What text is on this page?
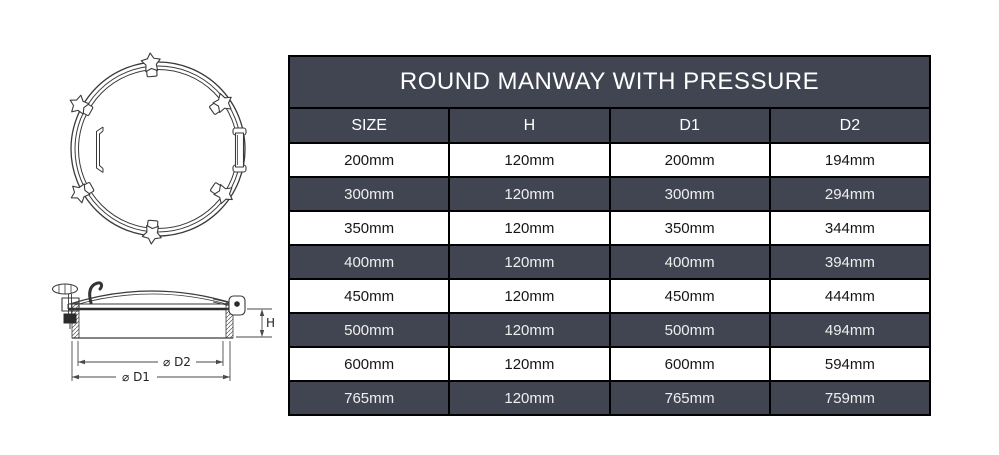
H
⌀ D2
⌀ D1
ROUND MANWAY WITH PRESSURE			
SIZE	H	D1	D2
200mm	120mm	200mm	194mm
300mm	120mm	300mm	294mm
350mm	120mm	350mm	344mm
400mm	120mm	400mm	394mm
450mm	120mm	450mm	444mm
500mm	120mm	500mm	494mm
600mm	120mm	600mm	594mm
765mm	120mm	765mm	759mm
